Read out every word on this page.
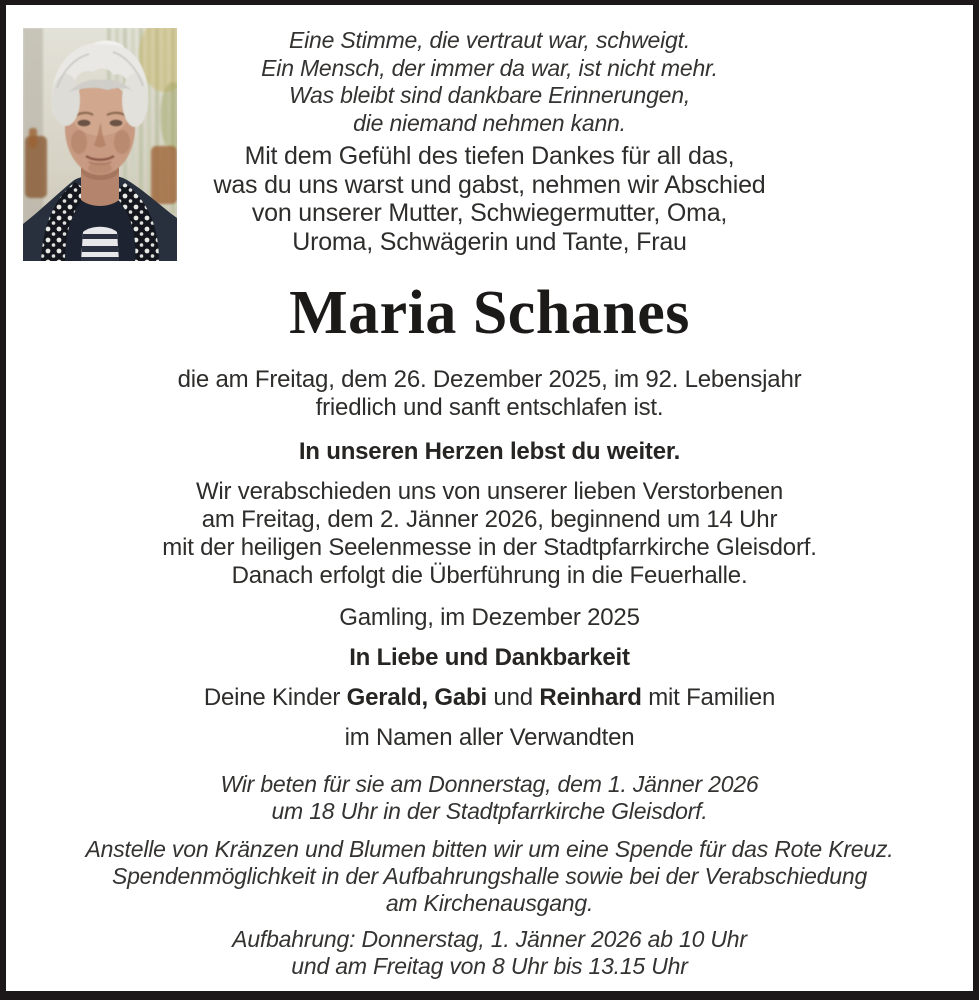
Eine Stimme, die vertraut war, schweigt.
Ein Mensch, der immer da war, ist nicht mehr.
Was bleibt sind dankbare Erinnerungen,
die niemand nehmen kann.
Mit dem Gefühl des tiefen Dankes für all das,
was du uns warst und gabst, nehmen wir Abschied
von unserer Mutter, Schwiegermutter, Oma,
Uroma, Schwägerin und Tante, Frau
Maria Schanes
die am Freitag, dem 26. Dezember 2025, im 92. Lebensjahr
friedlich und sanft entschlafen ist.
In unseren Herzen lebst du weiter.
Wir verabschieden uns von unserer lieben Verstorbenen
am Freitag, dem 2. Jänner 2026, beginnend um 14 Uhr
mit der heiligen Seelenmesse in der Stadtpfarrkirche Gleisdorf.
Danach erfolgt die Überführung in die Feuerhalle.
Gamling, im Dezember 2025
In Liebe und Dankbarkeit
Deine Kinder Gerald, Gabi und Reinhard mit Familien
im Namen aller Verwandten
Wir beten für sie am Donnerstag, dem 1. Jänner 2026
um 18 Uhr in der Stadtpfarrkirche Gleisdorf.
Anstelle von Kränzen und Blumen bitten wir um eine Spende für das Rote Kreuz.
Spendenmöglichkeit in der Aufbahrungshalle sowie bei der Verabschiedung
am Kirchenausgang.
Aufbahrung: Donnerstag, 1. Jänner 2026 ab 10 Uhr
und am Freitag von 8 Uhr bis 13.15 Uhr
